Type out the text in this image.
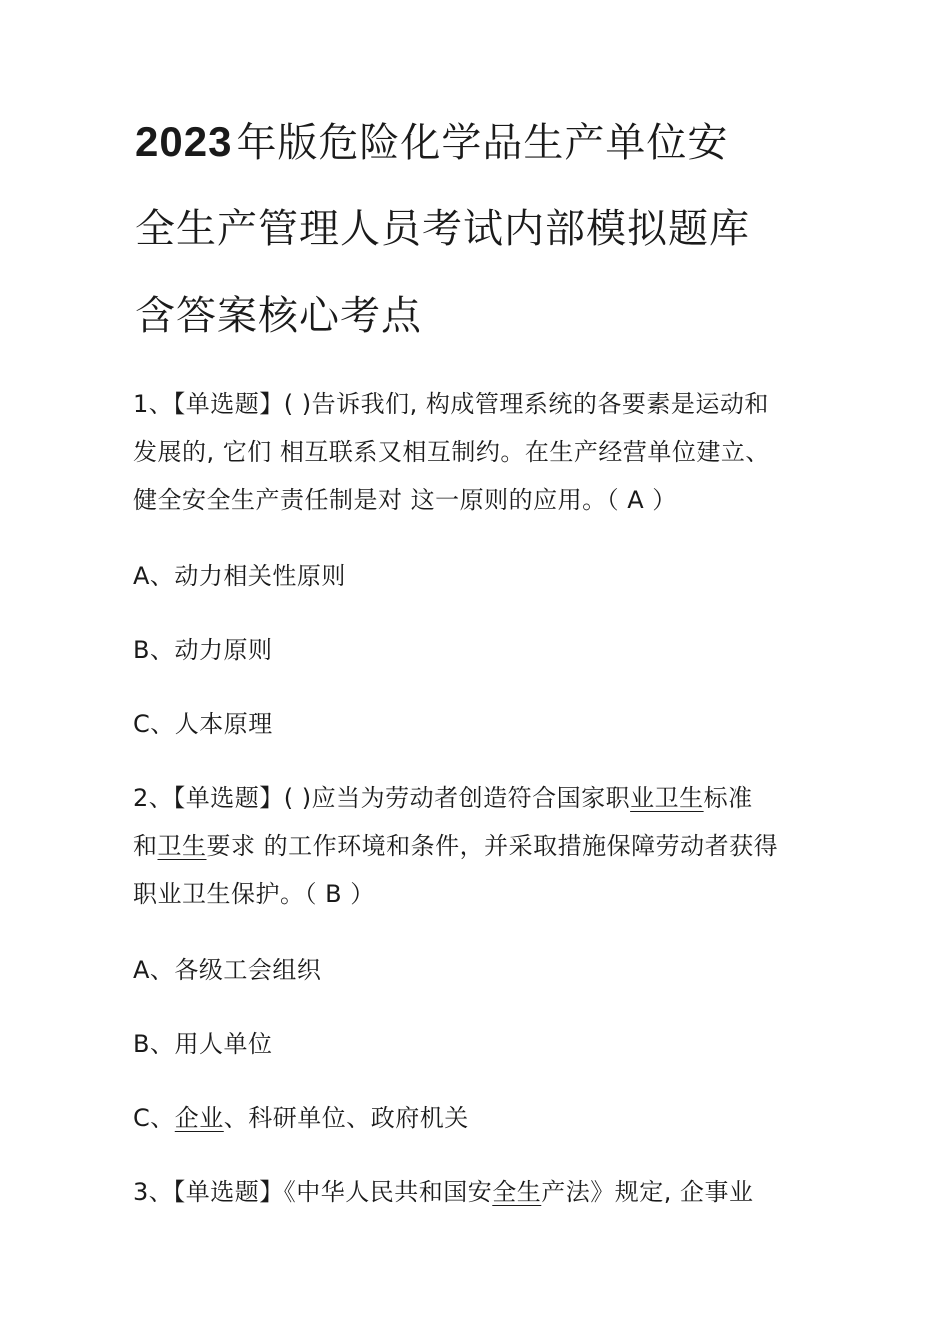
2023 年版危险化学品生产单位安
全生产管理人员考试内部模拟题库
含答案核心考点
1、【单选题】( )告诉我们, 构成管理系统的各要素是运动和
发展的, 它们 相互联系又相互制约。在生产经营单位建立、
健全安全生产责任制是对 这一原则的应用。（ A ）
A、动力相关性原则
B、动力原则
C、人本原理
2、【单选题】( )应当为劳动者创造符合国家职业卫生标准
和卫生要求 的工作环境和条件，并采取措施保障劳动者获得
职业卫生保护。（ B ）
A、各级工会组织
B、用人单位
C、企业、科研单位、政府机关
3、【单选题】《中华人民共和国安全生产法》规定, 企事业
